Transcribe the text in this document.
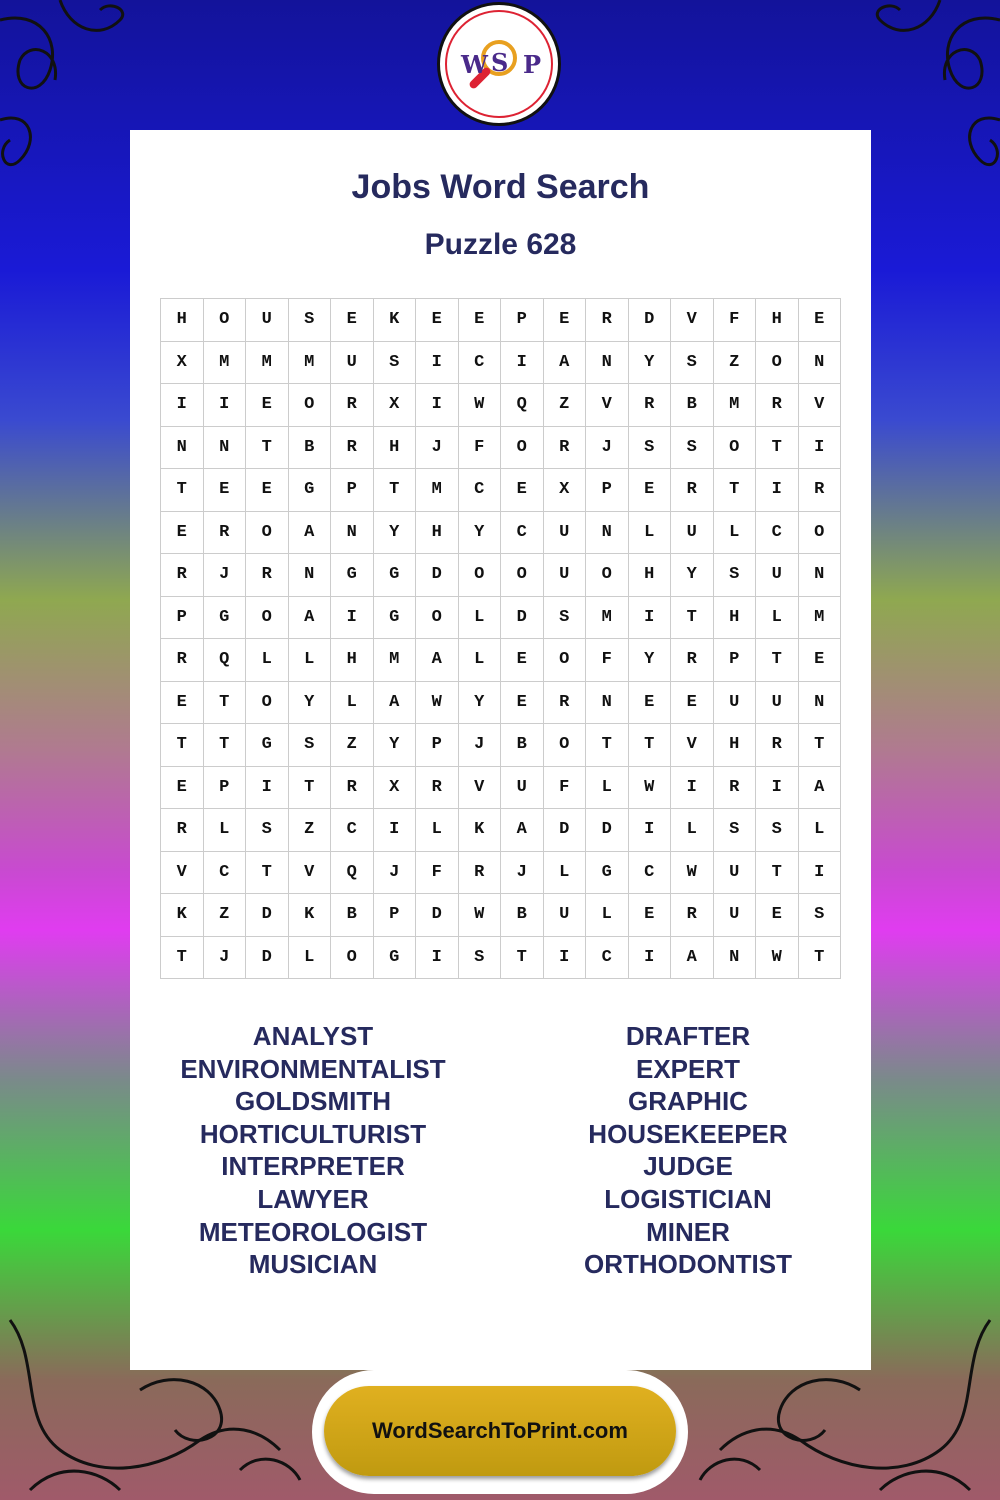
W S P
Jobs Word Search
Puzzle 628
H	O	U	S	E	K	E	E	P	E	R	D	V	F	H	E
X	M	M	M	U	S	I	C	I	A	N	Y	S	Z	O	N
I	I	E	O	R	X	I	W	Q	Z	V	R	B	M	R	V
N	N	T	B	R	H	J	F	O	R	J	S	S	O	T	I
T	E	E	G	P	T	M	C	E	X	P	E	R	T	I	R
E	R	O	A	N	Y	H	Y	C	U	N	L	U	L	C	O
R	J	R	N	G	G	D	O	O	U	O	H	Y	S	U	N
P	G	O	A	I	G	O	L	D	S	M	I	T	H	L	M
R	Q	L	L	H	M	A	L	E	O	F	Y	R	P	T	E
E	T	O	Y	L	A	W	Y	E	R	N	E	E	U	U	N
T	T	G	S	Z	Y	P	J	B	O	T	T	V	H	R	T
E	P	I	T	R	X	R	V	U	F	L	W	I	R	I	A
R	L	S	Z	C	I	L	K	A	D	D	I	L	S	S	L
V	C	T	V	Q	J	F	R	J	L	G	C	W	U	T	I
K	Z	D	K	B	P	D	W	B	U	L	E	R	U	E	S
T	J	D	L	O	G	I	S	T	I	C	I	A	N	W	T
ANALYST
ENVIRONMENTALIST
GOLDSMITH
HORTICULTURIST
INTERPRETER
LAWYER
METEOROLOGIST
MUSICIAN
DRAFTER
EXPERT
GRAPHIC
HOUSEKEEPER
JUDGE
LOGISTICIAN
MINER
ORTHODONTIST
WordSearchToPrint.com
